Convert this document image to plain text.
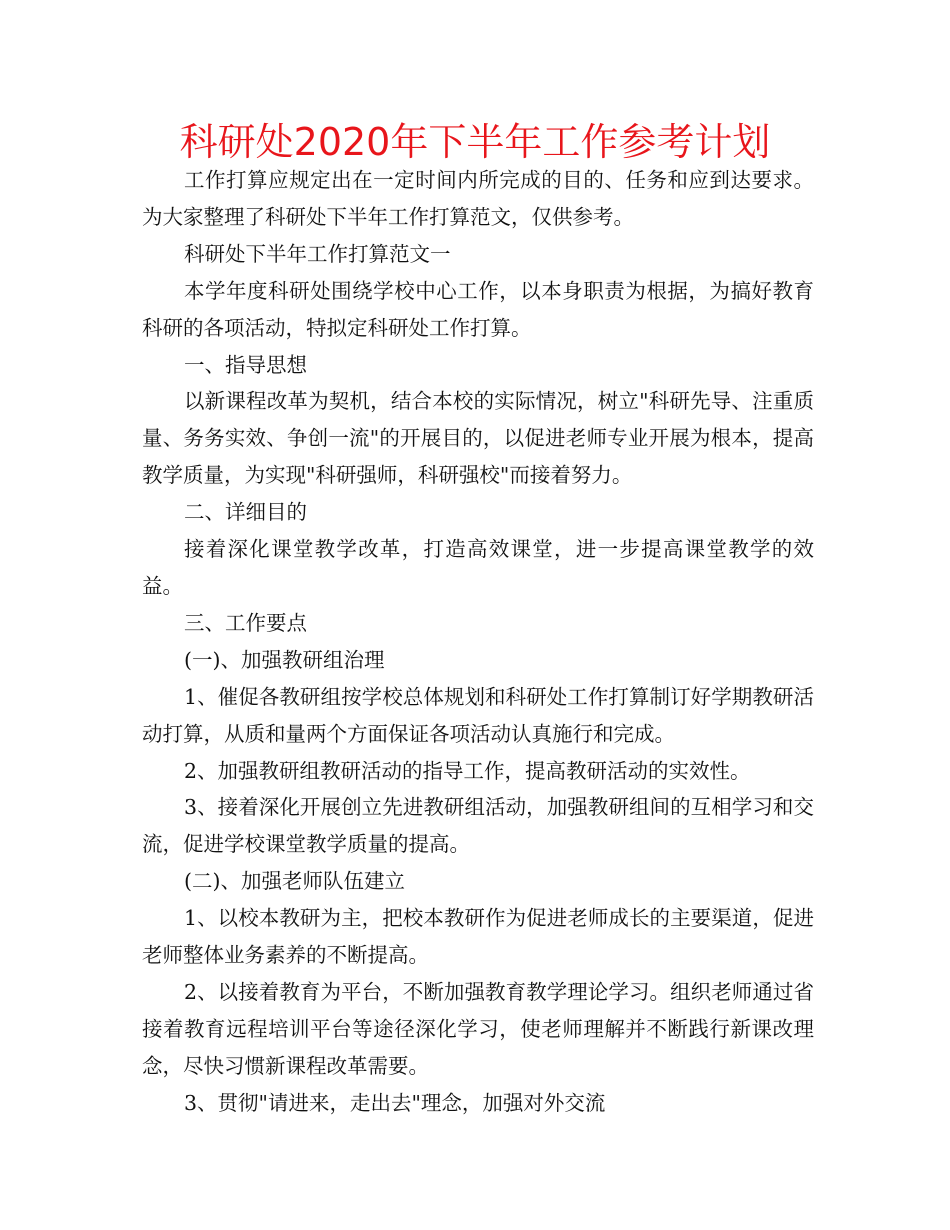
科研处2020年下半年工作参考计划

工作打算应规定出在一定时间内所完成的目的、任务和应到达要求。为大家整理了科研处下半年工作打算范文，仅供参考。

科研处下半年工作打算范文一

本学年度科研处围绕学校中心工作，以本身职责为根据，为搞好教育科研的各项活动，特拟定科研处工作打算。

一、指导思想

以新课程改革为契机，结合本校的实际情况，树立"科研先导、注重质量、务务实效、争创一流"的开展目的，以促进老师专业开展为根本，提高教学质量，为实现"科研强师，科研强校"而接着努力。

二、详细目的

接着深化课堂教学改革，打造高效课堂，进一步提高课堂教学的效益。

三、工作要点

(一)、加强教研组治理

1、催促各教研组按学校总体规划和科研处工作打算制订好学期教研活动打算，从质和量两个方面保证各项活动认真施行和完成。

2、加强教研组教研活动的指导工作，提高教研活动的实效性。

3、接着深化开展创立先进教研组活动，加强教研组间的互相学习和交流，促进学校课堂教学质量的提高。

(二)、加强老师队伍建立

1、以校本教研为主，把校本教研作为促进老师成长的主要渠道，促进老师整体业务素养的不断提高。

2、以接着教育为平台，不断加强教育教学理论学习。组织老师通过省接着教育远程培训平台等途径深化学习，使老师理解并不断践行新课改理念，尽快习惯新课程改革需要。

3、贯彻"请进来，走出去"理念，加强对外交流
